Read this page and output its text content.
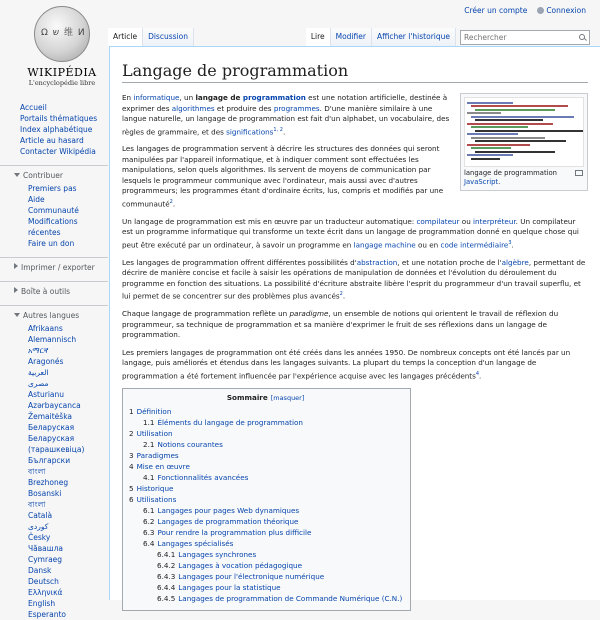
Créer un compte	Connexion
Ω ש 维 И
WIKIPÉDIA
L'encyclopédie libre
Accueil
Portails thématiques
Index alphabétique
Article au hasard
Contacter Wikipédia
Contribuer
Premiers pas
Aide
Communauté
Modifications récentes
Faire un don
Imprimer / exporter
Boîte à outils
Autres langues
Afrikaans
Alemannisch
አማርኛ
Aragonés
العربية
مصرى
Asturianu
Azərbaycanca
Žemaitėška
Беларуская
Беларуская (тарашкевіца)
Български
বাংলা
Brezhoneg
Bosanski
বাংলা
Català
کوردی
Česky
Чӑвашла
Cymraeg
Dansk
Deutsch
Ελληνικά
English
Esperanto
Article	Discussion	Lire	Modifier	Afficher l'historique
Rechercher
Langage de programmation
langage de programmation
JavaScript.

En informatique, un langage de programmation est une notation artificielle, destinée à exprimer des algorithmes et produire des programmes. D'une manière similaire à une langue naturelle, un langage de programmation est fait d'un alphabet, un vocabulaire, des règles de grammaire, et des significations$^{1, 2}$.

Les langages de programmation servent à décrire les structures des données qui seront manipulées par l'appareil informatique, et à indiquer comment sont effectuées les manipulations, selon quels algorithmes. Ils servent de moyens de communication par lesquels le programmeur communique avec l'ordinateur, mais aussi avec d'autres programmeurs; les programmes étant d'ordinaire écrits, lus, compris et modifiés par une communauté$^2$.

Un langage de programmation est mis en œuvre par un traducteur automatique: compilateur ou interpréteur. Un compilateur est un programme informatique qui transforme un texte écrit dans un langage de programmation donné en quelque chose qui peut être exécuté par un ordinateur, à savoir un programme en langage machine ou en code intermédiaire$^3$.

Les langages de programmation offrent différentes possibilités d'abstraction, et une notation proche de l'algèbre, permettant de décrire de manière concise et facile à saisir les opérations de manipulation de données et l'évolution du déroulement du programme en fonction des situations. La possibilité d'écriture abstraite libère l'esprit du programmeur d'un travail superflu, et lui permet de se concentrer sur des problèmes plus avancés$^2$.

Chaque langage de programmation reflète un paradigme, un ensemble de notions qui orientent le travail de réflexion du programmeur, sa technique de programmation et sa manière d'exprimer le fruit de ses réflexions dans un langage de programmation.

Les premiers langages de programmation ont été créés dans les années 1950. De nombreux concepts ont été lancés par un langage, puis améliorés et étendus dans les langages suivants. La plupart du temps la conception d'un langage de programmation a été fortement influencée par l'expérience acquise avec les langages précédents$^4$.

Sommaire [masquer]
1 Définition
1.1 Éléments du langage de programmation
2 Utilisation
2.1 Notions courantes
3 Paradigmes
4 Mise en œuvre
4.1 Fonctionnalités avancées
5 Historique
6 Utilisations
6.1 Langages pour pages Web dynamiques
6.2 Langages de programmation théorique
6.3 Pour rendre la programmation plus difficile
6.4 Langages spécialisés
6.4.1 Langages synchrones
6.4.2 Langages à vocation pédagogique
6.4.3 Langages pour l'électronique numérique
6.4.4 Langages pour la statistique
6.4.5 Langages de programmation de Commande Numérique (C.N.)
